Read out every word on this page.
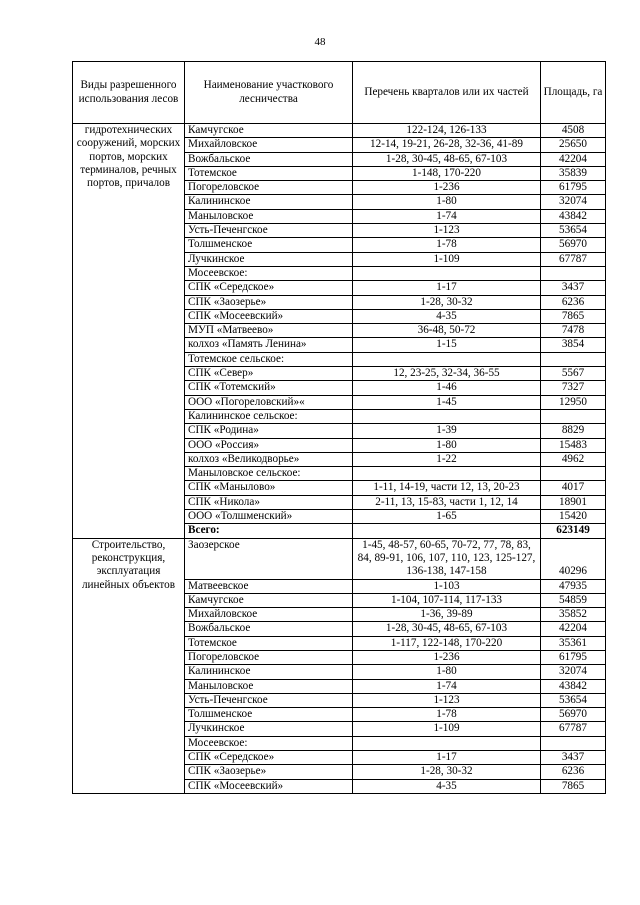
48
Виды разрешенного использования лесов	Наименование участкового лесничества	Перечень кварталов или их частей	Площадь, га
гидротехнических сооружений, морских портов, морских терминалов, речных портов, причалов	Камчугское	122-124, 126-133	4508
	Михайловское	12-14, 19-21, 26-28, 32-36, 41-89	25650
	Вожбальское	1-28, 30-45, 48-65, 67-103	42204
	Тотемское	1-148, 170-220	35839
	Погореловское	1-236	61795
	Калининское	1-80	32074
	Маныловское	1-74	43842
	Усть-Печенгское	1-123	53654
	Толшменское	1-78	56970
	Лучкинское	1-109	67787
	Мосеевское:		
	СПК «Середское»	1-17	3437
	СПК «Заозерье»	1-28, 30-32	6236
	СПК «Мосеевский»	4-35	7865
	МУП «Матвеево»	36-48, 50-72	7478
	колхоз «Память Ленина»	1-15	3854
	Тотемское сельское:		
	СПК «Север»	12, 23-25, 32-34, 36-55	5567
	СПК «Тотемский»	1-46	7327
	ООО «Погореловский»«	1-45	12950
	Калининское сельское:		
	СПК «Родина»	1-39	8829
	ООО «Россия»	1-80	15483
	колхоз «Великодворье»	1-22	4962
	Маныловское сельское:		
	СПК «Манылово»	1-11, 14-19, части 12, 13, 20-23	4017
	СПК «Никола»	2-11, 13, 15-83, части 1, 12, 14	18901
	ООО «Толшменский»	1-65	15420
	Всего:		623149
Строительство, реконструкция, эксплуатация линейных объектов	Заозерское	1-45, 48-57, 60-65, 70-72, 77, 78, 83, 84, 89-91, 106, 107, 110, 123, 125-127, 136-138, 147-158	40296
	Матвеевское	1-103	47935
	Камчугское	1-104, 107-114, 117-133	54859
	Михайловское	1-36, 39-89	35852
	Вожбальское	1-28, 30-45, 48-65, 67-103	42204
	Тотемское	1-117, 122-148, 170-220	35361
	Погореловское	1-236	61795
	Калининское	1-80	32074
	Маныловское	1-74	43842
	Усть-Печенгское	1-123	53654
	Толшменское	1-78	56970
	Лучкинское	1-109	67787
	Мосеевское:		
	СПК «Середское»	1-17	3437
	СПК «Заозерье»	1-28, 30-32	6236
	СПК «Мосеевский»	4-35	7865
